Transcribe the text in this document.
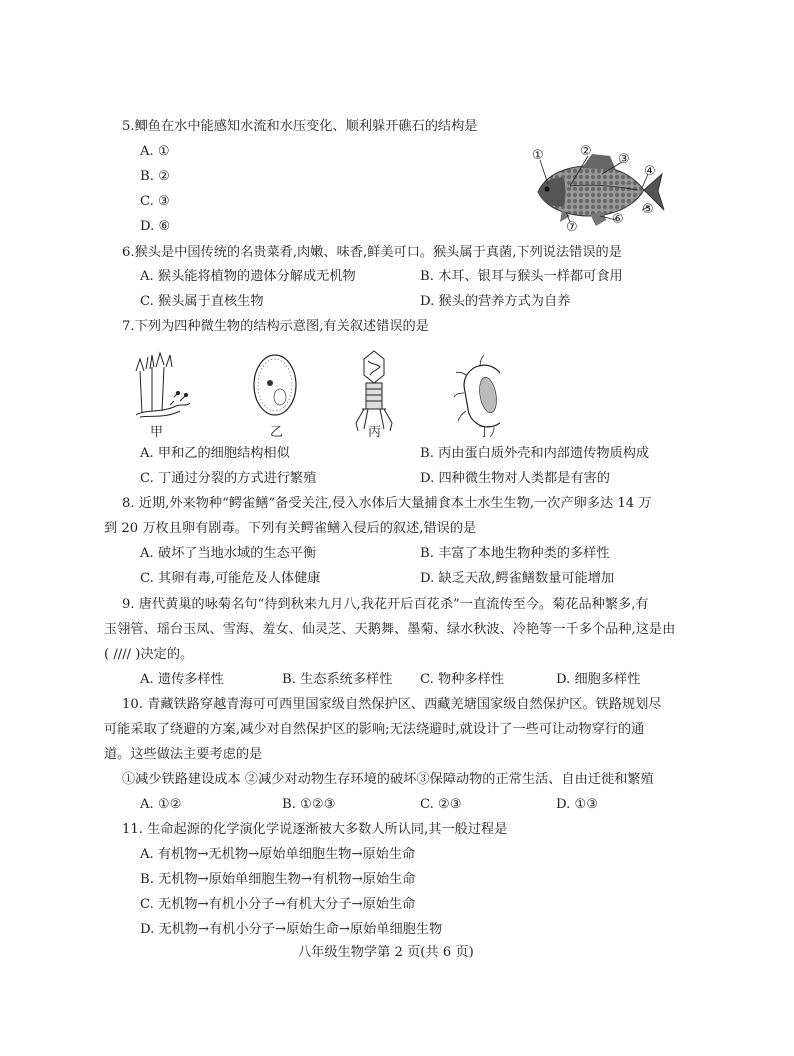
5.鲫鱼在水中能感知水流和水压变化、顺利躲开礁石的结构是
A. ①
B. ②
C. ③
D. ⑥
①	②
③
④
⑤
⑥
⑦
6.猴头是中国传统的名贵菜肴,肉嫩、味香,鲜美可口。猴头属于真菌,下列说法错误的是
A. 猴头能将植物的遗体分解成无机物	B. 木耳、银耳与猴头一样都可食用
C. 猴头属于直核生物	D. 猴头的营养方式为自养
7.下列为四种微生物的结构示意图,有关叙述错误的是
甲	乙	丙	丁
A. 甲和乙的细胞结构相似	B. 丙由蛋白质外壳和内部遗传物质构成
C. 丁通过分裂的方式进行繁殖	D. 四种微生物对人类都是有害的
8. 近期,外来物种“鳄雀鳝”备受关注,侵入水体后大量捕食本土水生生物,一次产卵多达 14 万
到 20 万枚且卵有剧毒。下列有关鳄雀鳝入侵后的叙述,错误的是
A. 破坏了当地水域的生态平衡	B. 丰富了本地生物种类的多样性
C. 其卵有毒,可能危及人体健康	D. 缺乏天敌,鳄雀鳝数量可能增加
9. 唐代黄巢的咏菊名句“待到秋来九月八,我花开后百花杀”一直流传至今。菊花品种繁多,有
玉翎管、瑶台玉凤、雪海、羞女、仙灵芝、天鹅舞、墨菊、绿水秋波、冷艳等一千多个品种,这是由
( //// )决定的。
A. 遗传多样性	B. 生态系统多样性 C. 物种多样性	D. 细胞多样性
10. 青藏铁路穿越青海可可西里国家级自然保护区、西藏羌塘国家级自然保护区。铁路规划尽
可能采取了绕避的方案,减少对自然保护区的影响;无法绕避时,就设计了一些可让动物穿行的通
道。这些做法主要考虑的是
①减少铁路建设成本 ②减少对动物生存环境的破坏③保障动物的正常生活、自由迁徙和繁殖
A. ①②	B. ①②③	C. ②③	D. ①③
11. 生命起源的化学演化学说逐渐被大多数人所认同,其一般过程是
A. 有机物→无机物→原始单细胞生物→原始生命
B. 无机物→原始单细胞生物→有机物→原始生命
C. 无机物→有机小分子→有机大分子→原始生命
D. 无机物→有机小分子→原始生命→原始单细胞生物
八年级生物学第 2 页(共 6 页)
